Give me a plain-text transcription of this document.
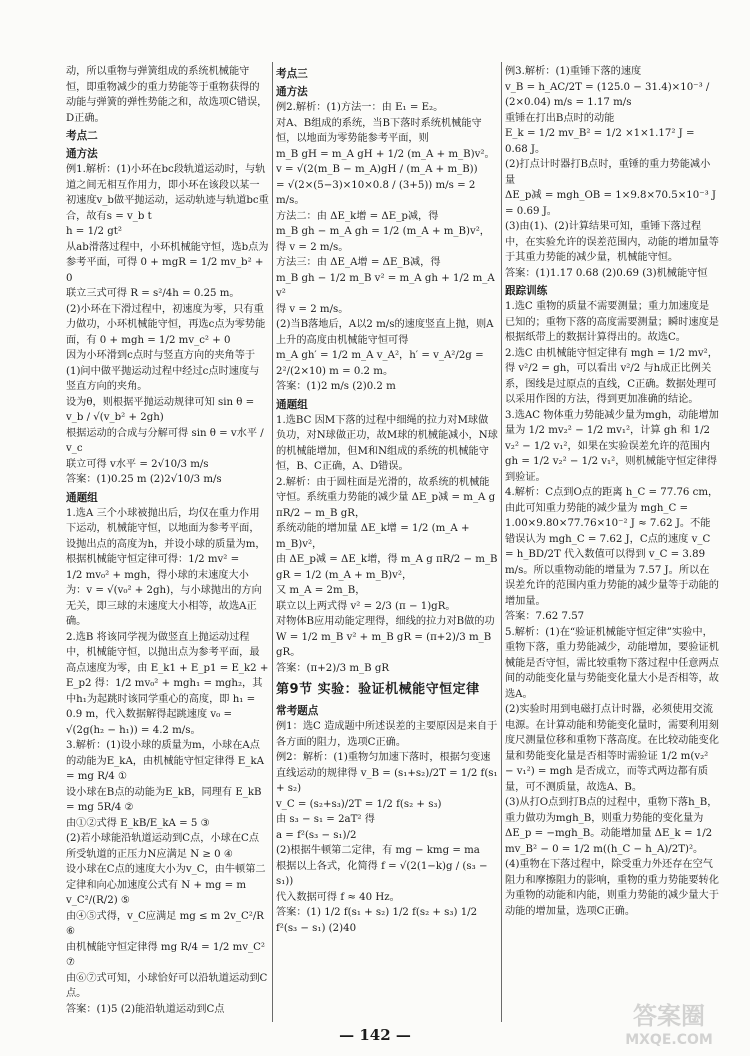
动，所以重物与弹簧组成的系统机械能守恒，即重物减少的重力势能等于重物获得的动能与弹簧的弹性势能之和，故选项C错误，D正确。

考点二

通方法

例1.解析：(1)小环在bc段轨道运动时，与轨道之间无相互作用力，即小环在该段以某一初速度v_b做平抛运动，运动轨迹与轨道bc重合，故有s = v_b t

h = 1/2 gt²

从ab滑落过程中，小环机械能守恒，选b点为参考平面，可得 0 + mgR = 1/2 mv_b² + 0

联立三式可得 R = s²/4h = 0.25 m。

(2)小环在下滑过程中，初速度为零，只有重力做功，小环机械能守恒，再选c点为零势能面，有 0 + mgh = 1/2 mv_c² + 0

因为小环滑到c点时与竖直方向的夹角等于(1)问中做平抛运动过程中经过c点时速度与竖直方向的夹角。

设为θ，则根据平抛运动规律可知 sin θ = v_b / √(v_b² + 2gh)

根据运动的合成与分解可得 sin θ = v水平 / v_c

联立可得 v水平 = 2√10/3 m/s

答案：(1)0.25 m (2)2√10/3 m/s

通题组

1.选A 三个小球被抛出后，均仅在重力作用下运动，机械能守恒，以地面为参考平面，设抛出点的高度为h，并设小球的质量为m，根据机械能守恒定律可得：1/2 mv² =

1/2 mv₀² + mgh，得小球的末速度大小为：v = √(v₀² + 2gh)，与小球抛出的方向无关，即三球的末速度大小相等，故选A正确。

2.选B 将该同学视为做竖直上抛运动过程中，机械能守恒，以抛出点为参考平面，最高点速度为零，由 E_k1 + E_p1 = E_k2 + E_p2 得：1/2 mv₀² + mgh₁ = mgh₂，其中h₁为起跳时该同学重心的高度，即 h₁ = 0.9 m，代入数据解得起跳速度 v₀ = √(2g(h₂ − h₁)) = 4.2 m/s。

3.解析：(1)设小球的质量为m，小球在A点的动能为E_kA，由机械能守恒定律得 E_kA = mg R/4 ①

设小球在B点的动能为E_kB，同理有 E_kB = mg 5R/4 ②

由①②式得 E_kB/E_kA = 5 ③

(2)若小球能沿轨道运动到C点，小球在C点所受轨道的正压力N应满足 N ≥ 0 ④

设小球在C点的速度大小为v_C，由牛顿第二定律和向心加速度公式有 N + mg = m v_C²/(R/2) ⑤

由④⑤式得，v_C应满足 mg ≤ m 2v_C²/R ⑥

由机械能守恒定律得 mg R/4 = 1/2 mv_C² ⑦

由⑥⑦式可知，小球恰好可以沿轨道运动到C点。

答案：(1)5 (2)能沿轨道运动到C点

考点三

通方法

例2.解析：(1)方法一：由 E₁ = E₂。

对A、B组成的系统，当B下落时系统机械能守恒，以地面为零势能参考平面，则

m_B gH = m_A gH + 1/2 (m_A + m_B)v²。

v = √(2(m_B − m_A)gH / (m_A + m_B))

= √(2×(5−3)×10×0.8 / (3+5)) m/s = 2 m/s。

方法二：由 ΔE_k增 = ΔE_p减，得

m_B gh − m_A gh = 1/2 (m_A + m_B)v²，

得 v = 2 m/s。

方法三：由 ΔE_A增 = ΔE_B减，得

m_B gh − 1/2 m_B v² = m_A gh + 1/2 m_A v²

得 v = 2 m/s。

(2)当B落地后，A以2 m/s的速度竖直上抛，则A上升的高度由机械能守恒可得

m_A gh′ = 1/2 m_A v_A²，h′ = v_A²/2g = 2²/(2×10) m = 0.2 m。

答案：(1)2 m/s (2)0.2 m

通题组

1.选BC 因M下落的过程中细绳的拉力对M球做负功，对N球做正功，故M球的机械能减小，N球的机械能增加，但M和N组成的系统的机械能守恒，B、C正确，A、D错误。

2.解析：由于圆柱面是光滑的，故系统的机械能守恒。系统重力势能的减少量 ΔE_p减 = m_A g πR/2 − m_B gR，

系统动能的增加量 ΔE_k增 = 1/2 (m_A + m_B)v²，

由 ΔE_p减 = ΔE_k增，得 m_A g πR/2 − m_B gR = 1/2 (m_A + m_B)v²，

又 m_A = 2m_B，

联立以上两式得 v² = 2/3 (π − 1)gR。

对物体B应用动能定理得，细线的拉力对B做的功

W = 1/2 m_B v² + m_B gR = (π+2)/3 m_B gR。

答案：(π+2)/3 m_B gR

第9节 实验：验证机械能守恒定律

常考题点

例1：选C 造成题中所述误差的主要原因是来自于各方面的阻力，选项C正确。

例2：解析：(1)重物匀加速下落时，根据匀变速直线运动的规律得 v_B = (s₁+s₂)/2T = 1/2 f(s₁ + s₂)

v_C = (s₂+s₃)/2T = 1/2 f(s₂ + s₃)

由 s₃ − s₁ = 2aT² 得

a = f²(s₃ − s₁)/2

(2)根据牛顿第二定律，有 mg − kmg = ma

根据以上各式，化简得 f = √(2(1−k)g / (s₃ − s₁))

代入数据可得 f ≈ 40 Hz。

答案：(1) 1/2 f(s₁ + s₂) 1/2 f(s₂ + s₃) 1/2 f²(s₃ − s₁) (2)40

例3.解析：(1)重锤下落的速度

v_B = h_AC/2T = (125.0 − 31.4)×10⁻³ / (2×0.04) m/s = 1.17 m/s

重锤在打出B点时的动能

E_k = 1/2 mv_B² = 1/2 ×1×1.17² J = 0.68 J。

(2)打点计时器打B点时，重锤的重力势能减小量

ΔE_p减 = mgh_OB = 1×9.8×70.5×10⁻³ J = 0.69 J。

(3)由(1)、(2)计算结果可知，重锤下落过程中，在实验允许的误差范围内，动能的增加量等于其重力势能的减少量，机械能守恒。

答案：(1)1.17 0.68 (2)0.69 (3)机械能守恒

跟踪训练

1.选C 重物的质量不需要测量；重力加速度是已知的；重物下落的高度需要测量；瞬时速度是根据纸带上的数据计算得出的。故选C。

2.选C 由机械能守恒定律有 mgh = 1/2 mv²，得 v²/2 = gh，可以看出 v²/2 与h成正比例关系，图线是过原点的直线，C正确。数据处理可以采用作图的方法，得到更加准确的结论。

3.选AC 物体重力势能减少量为mgh，动能增加量为 1/2 mv₂² − 1/2 mv₁²，计算 gh 和 1/2 v₂² − 1/2 v₁²，如果在实验误差允许的范围内 gh = 1/2 v₂² − 1/2 v₁²，则机械能守恒定律得到验证。

4.解析：C点到O点的距离 h_C = 77.76 cm，由此可知重力势能的减少量为 mgh_C = 1.00×9.80×77.76×10⁻² J ≈ 7.62 J。不能错误认为 mgh_C = 7.62 J，C点的速度 v_C = h_BD/2T 代入数值可以得到 v_C = 3.89 m/s。所以重物动能的增量为 7.57 J。所以在误差允许的范围内重力势能的减少量等于动能的增加量。

答案：7.62 7.57

5.解析：(1)在“验证机械能守恒定律”实验中，重物下落，重力势能减少，动能增加，要验证机械能是否守恒，需比较重物下落过程中任意两点间的动能变化量与势能变化量大小是否相等，故选A。

(2)实验时用到电磁打点计时器，必须使用交流电源。在计算动能和势能变化量时，需要利用刻度尺测量位移和重物下落高度。在比较动能变化量和势能变化量是否相等时需验证 1/2 m(v₂² − v₁²) = mgh 是否成立，而等式两边都有质量，可不测质量，故选A、B。

(3)从打O点到打B点的过程中，重物下落h_B，重力做功为mgh_B，则重力势能的变化量为 ΔE_p = −mgh_B。动能增加量 ΔE_k = 1/2 mv_B² − 0 = 1/2 m((h_C − h_A)/2T)²。

(4)重物在下落过程中，除受重力外还存在空气阻力和摩擦阻力的影响，重物的重力势能要转化为重物的动能和内能，则重力势能的减少量大于动能的增加量，选项C正确。

— 142 —
答案圈
MXQE.COM
